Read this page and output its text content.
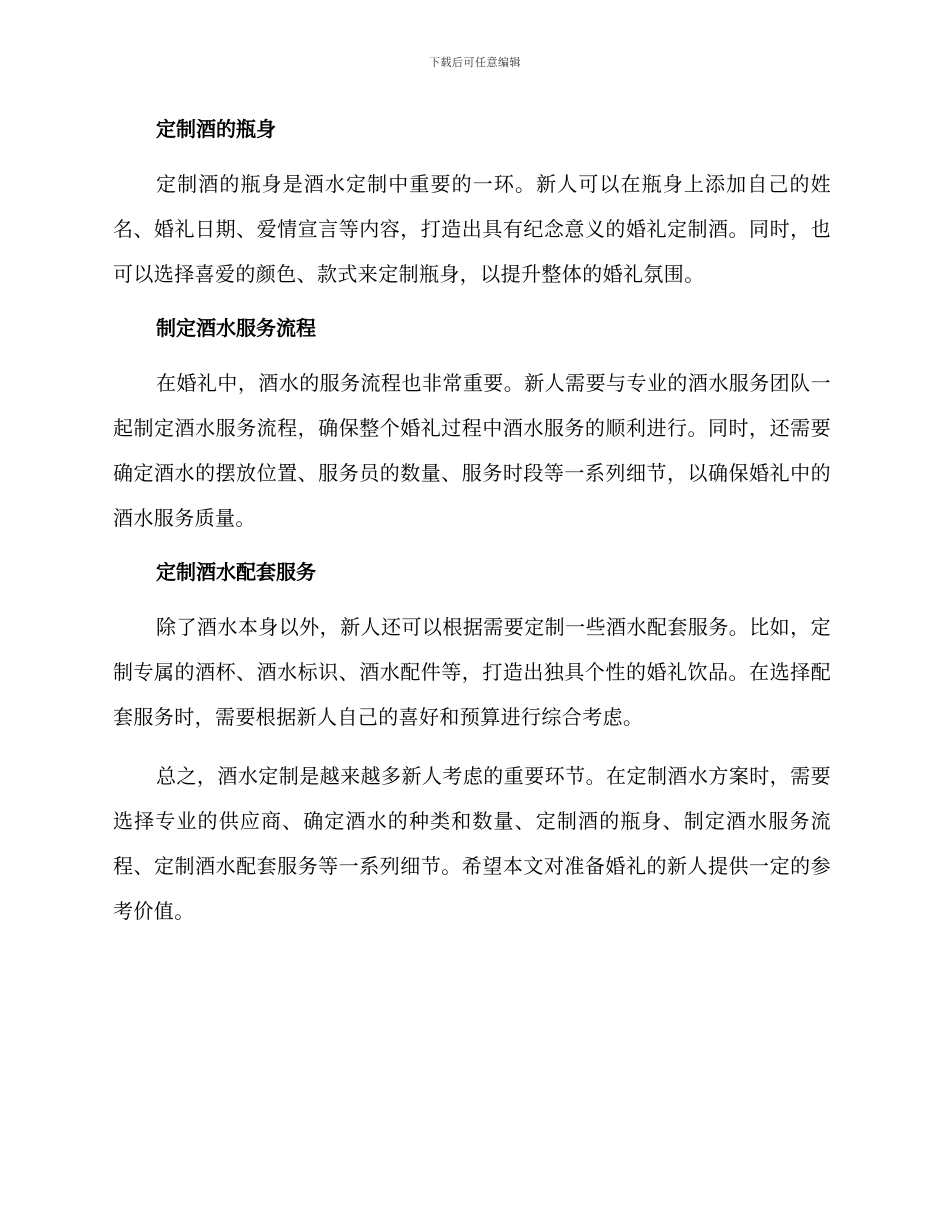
下载后可任意编辑
定制酒的瓶身

定制酒的瓶身是酒水定制中重要的一环。新人可以在瓶身上添加自己的姓名、婚礼日期、爱情宣言等内容，打造出具有纪念意义的婚礼定制酒。同时，也可以选择喜爱的颜色、款式来定制瓶身，以提升整体的婚礼氛围。

制定酒水服务流程

在婚礼中，酒水的服务流程也非常重要。新人需要与专业的酒水服务团队一起制定酒水服务流程，确保整个婚礼过程中酒水服务的顺利进行。同时，还需要确定酒水的摆放位置、服务员的数量、服务时段等一系列细节，以确保婚礼中的酒水服务质量。

定制酒水配套服务

除了酒水本身以外，新人还可以根据需要定制一些酒水配套服务。比如，定制专属的酒杯、酒水标识、酒水配件等，打造出独具个性的婚礼饮品。在选择配套服务时，需要根据新人自己的喜好和预算进行综合考虑。

总之，酒水定制是越来越多新人考虑的重要环节。在定制酒水方案时，需要选择专业的供应商、确定酒水的种类和数量、定制酒的瓶身、制定酒水服务流程、定制酒水配套服务等一系列细节。希望本文对准备婚礼的新人提供一定的参考价值。
